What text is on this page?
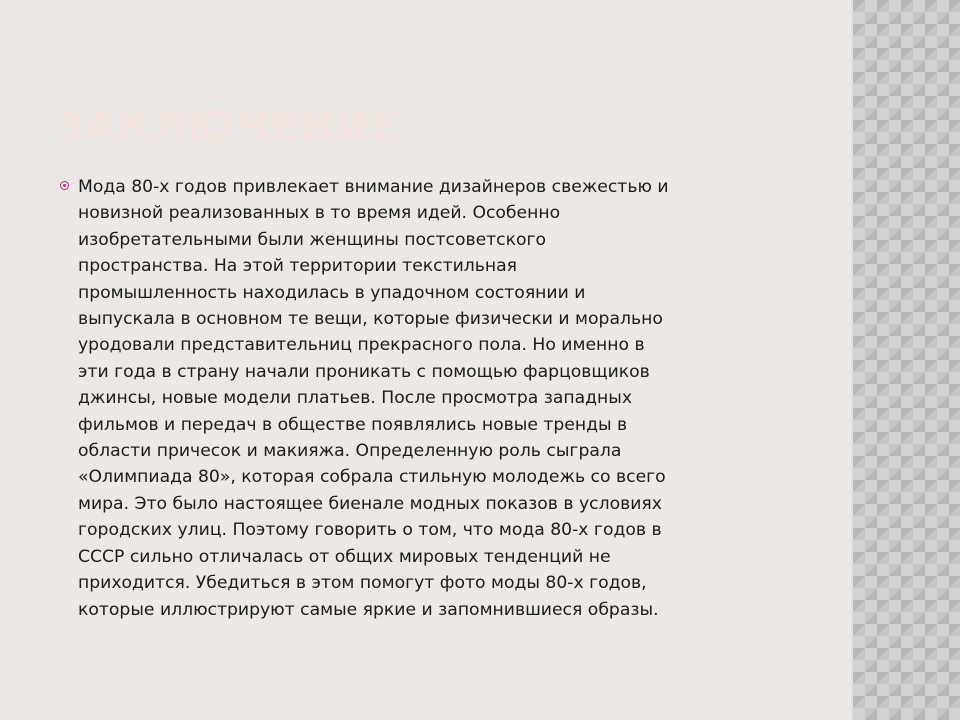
ЗАКЛЮЧЕНИЕ

Мода 80-х годов привлекает внимание дизайнеров свежестью и
новизной реализованных в то время идей. Особенно
изобретательными были женщины постсоветского
пространства. На этой территории текстильная
промышленность находилась в упадочном состоянии и
выпускала в основном те вещи, которые физически и морально
уродовали представительниц прекрасного пола. Но именно в
эти года в страну начали проникать с помощью фарцовщиков
джинсы, новые модели платьев. После просмотра западных
фильмов и передач в обществе появлялись новые тренды в
области причесок и макияжа. Определенную роль сыграла
«Олимпиада 80», которая собрала стильную молодежь со всего
мира. Это было настоящее биенале модных показов в условиях
городских улиц. Поэтому говорить о том, что мода 80-х годов в
СССР сильно отличалась от общих мировых тенденций не
приходится. Убедиться в этом помогут фото моды 80-х годов,
которые иллюстрируют самые яркие и запомнившиеся образы.
